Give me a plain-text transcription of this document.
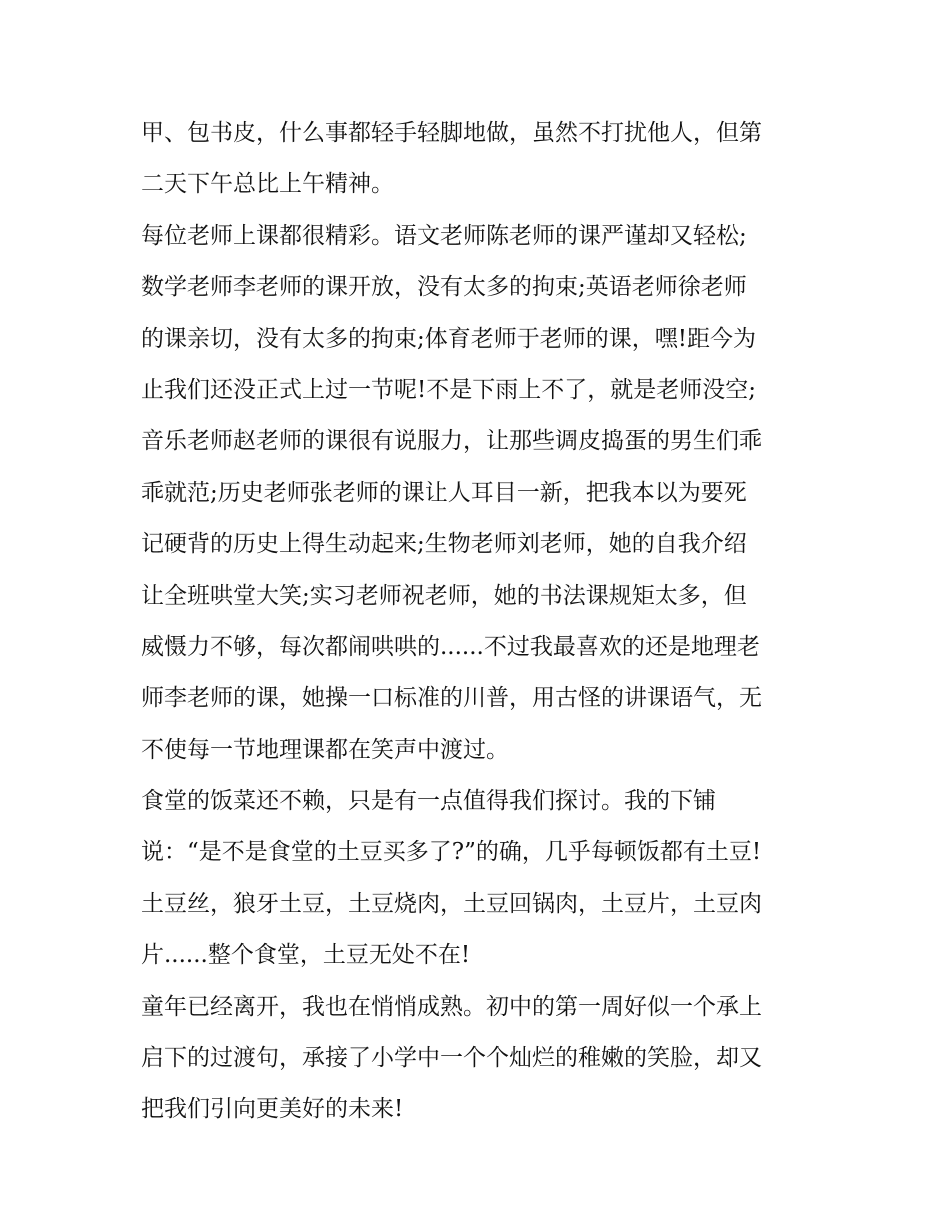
甲、包书皮，什么事都轻手轻脚地做，虽然不打扰他人，但第

二天下午总比上午精神。

每位老师上课都很精彩。语文老师陈老师的课严谨却又轻松;

数学老师李老师的课开放，没有太多的拘束;英语老师徐老师

的课亲切，没有太多的拘束;体育老师于老师的课，嘿!距今为

止我们还没正式上过一节呢!不是下雨上不了，就是老师没空;

音乐老师赵老师的课很有说服力，让那些调皮捣蛋的男生们乖

乖就范;历史老师张老师的课让人耳目一新，把我本以为要死

记硬背的历史上得生动起来;生物老师刘老师，她的自我介绍

让全班哄堂大笑;实习老师祝老师，她的书法课规矩太多，但

威慑力不够，每次都闹哄哄的......不过我最喜欢的还是地理老

师李老师的课，她操一口标准的川普，用古怪的讲课语气，无

不使每一节地理课都在笑声中渡过。

食堂的饭菜还不赖，只是有一点值得我们探讨。我的下铺

说：“是不是食堂的土豆买多了?”的确，几乎每顿饭都有土豆!

土豆丝，狼牙土豆，土豆烧肉，土豆回锅肉，土豆片，土豆肉

片......整个食堂，土豆无处不在!

童年已经离开，我也在悄悄成熟。初中的第一周好似一个承上

启下的过渡句，承接了小学中一个个灿烂的稚嫩的笑脸，却又

把我们引向更美好的未来!
